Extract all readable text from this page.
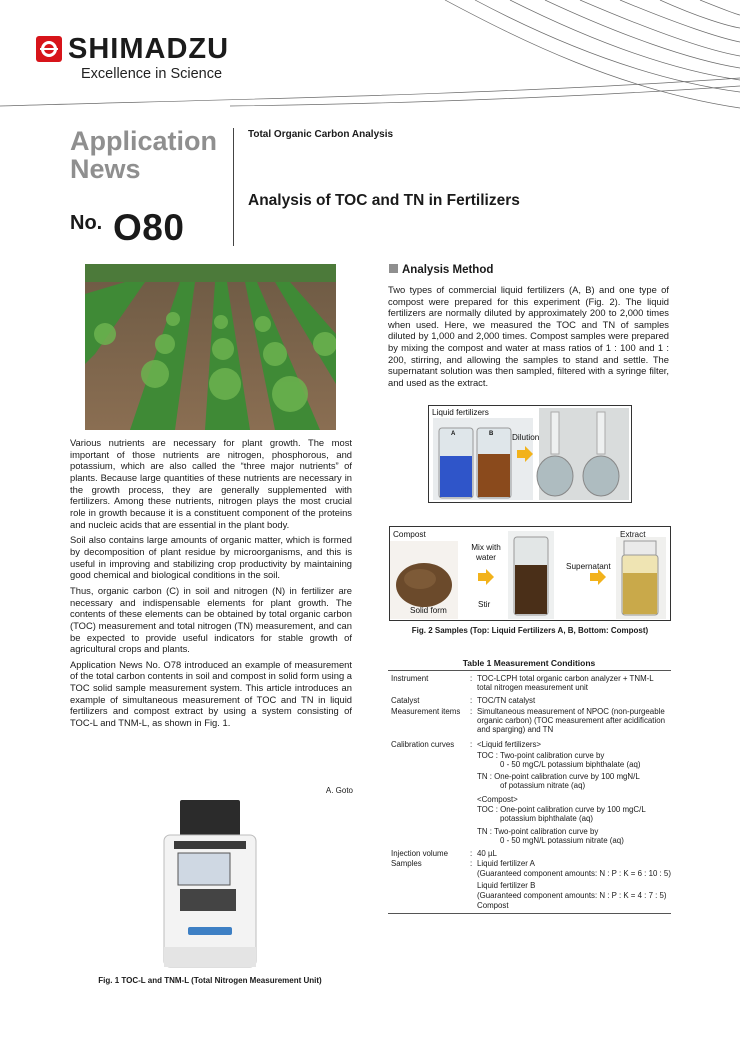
SHIMADZU
Excellence in Science
Application
News
No. O80
Total Organic Carbon Analysis
Analysis of TOC and TN in Fertilizers

Various nutrients are necessary for plant growth. The most important of those nutrients are nitrogen, phosphorous, and potassium, which are also called the “three major nutrients” of plants. Because large quantities of these nutrients are necessary in the growth process, they are generally supplemented with fertilizers. Among these nutrients, nitrogen plays the most crucial role in growth because it is a constituent component of the proteins and nucleic acids that are essential in the plant body.

Soil also contains large amounts of organic matter, which is formed by decomposition of plant residue by microorganisms, and this is useful in improving and stabilizing crop productivity by maintaining good chemical and biological conditions in the soil.

Thus, organic carbon (C) in soil and nitrogen (N) in fertilizer are necessary and indispensable elements for plant growth. The contents of these elements can be obtained by total organic carbon (TOC) measurement and total nitrogen (TN) measurement, and can be expected to provide useful indicators for stable growth of agricultural crops and plants.

Application News No. O78 introduced an example of measurement of the total carbon contents in soil and compost in solid form using a TOC solid sample measurement system. This article introduces an example of simultaneous measurement of TOC and TN in liquid fertilizers and compost extract by using a system consisting of TOC-L and TNM-L, as shown in Fig. 1.

A. Goto
Fig. 1 TOC-L and TNM-L (Total Nitrogen Measurement Unit)
Analysis Method
Two types of commercial liquid fertilizers (A, B) and one type of compost were prepared for this experiment (Fig. 2). The liquid fertilizers are normally diluted by approximately 200 to 2,000 times when used. Here, we measured the TOC and TN of samples diluted by 1,000 and 2,000 times. Compost samples were prepared by mixing the compost and water at mass ratios of 1 : 100 and 1 : 200, stirring, and allowing the samples to stand and settle. The supernatant solution was then sampled, filtered with a syringe filter, and used as the extract.
Liquid fertilizers
A	B Dilution
Compost
Mix with water
Extract
Supernatant
Solid form
Stir
Fig. 2 Samples (Top: Liquid Fertilizers A, B, Bottom: Compost)
Table 1 Measurement Conditions
Instrument	: TOC-LCPH total organic carbon analyzer + TNM-L total nitrogen measurement unit
Catalyst	: TOC/TN catalyst
Measurement items : Simultaneous measurement of NPOC (non-purgeable organic carbon) (TOC measurement after acidification and sparging) and TN
Calibration curves : <Liquid fertilizers>
TOC : Two-point calibration curve by
0 - 50 mgC/L potassium biphthalate (aq)
TN : One-point calibration curve by 100 mgN/L
of potassium nitrate (aq)
<Compost>
TOC : One-point calibration curve by 100 mgC/L
potassium biphthalate (aq)
TN : Two-point calibration curve by
0 - 50 mgN/L potassium nitrate (aq)
Injection volume	: 40 µL
Samples	: Liquid fertilizer A
(Guaranteed component amounts: N : P : K = 6 : 10 : 5)
Liquid fertilizer B
(Guaranteed component amounts: N : P : K = 4 : 7 : 5)
Compost
